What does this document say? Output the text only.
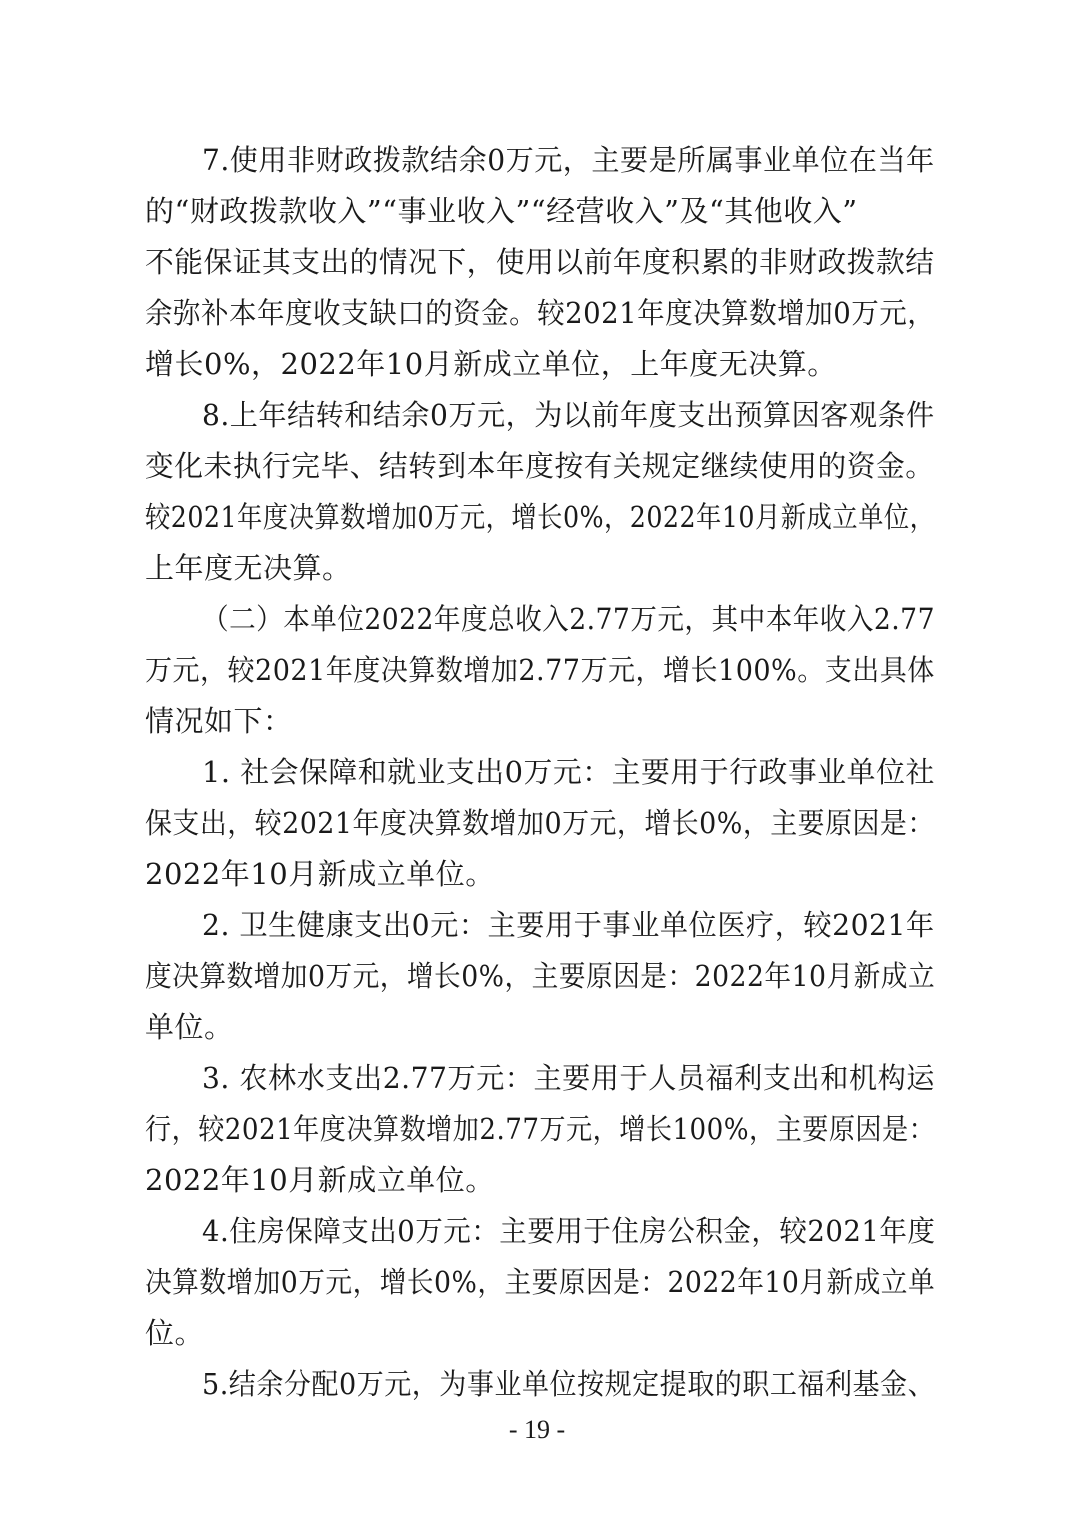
7.使用非财政拨款结余0万元，主要是所属事业单位在当年
的“财政拨款收入”“事业收入”“经营收入”及“其他收入”
不能保证其支出的情况下，使用以前年度积累的非财政拨款结
余弥补本年度收支缺口的资金。较2021年度决算数增加0万元，
增长0%，2022年10月新成立单位，上年度无决算。
8.上年结转和结余0万元，为以前年度支出预算因客观条件
变化未执行完毕、结转到本年度按有关规定继续使用的资金。
较2021年度决算数增加0万元，增长0%，2022年10月新成立单位，
上年度无决算。
（二）本单位2022年度总收入2.77万元，其中本年收入2.77
万元，较2021年度决算数增加2.77万元，增长100%。支出具体
情况如下：
1. 社会保障和就业支出0万元：主要用于行政事业单位社
保支出，较2021年度决算数增加0万元，增长0%，主要原因是：
2022年10月新成立单位。
2. 卫生健康支出0元：主要用于事业单位医疗，较2021年
度决算数增加0万元，增长0%，主要原因是：2022年10月新成立
单位。
3. 农林水支出2.77万元：主要用于人员福利支出和机构运
行，较2021年度决算数增加2.77万元，增长100%，主要原因是：
2022年10月新成立单位。
4.住房保障支出0万元：主要用于住房公积金，较2021年度
决算数增加0万元，增长0%，主要原因是：2022年10月新成立单
位。
5.结余分配0万元，为事业单位按规定提取的职工福利基金、
- 19 -
